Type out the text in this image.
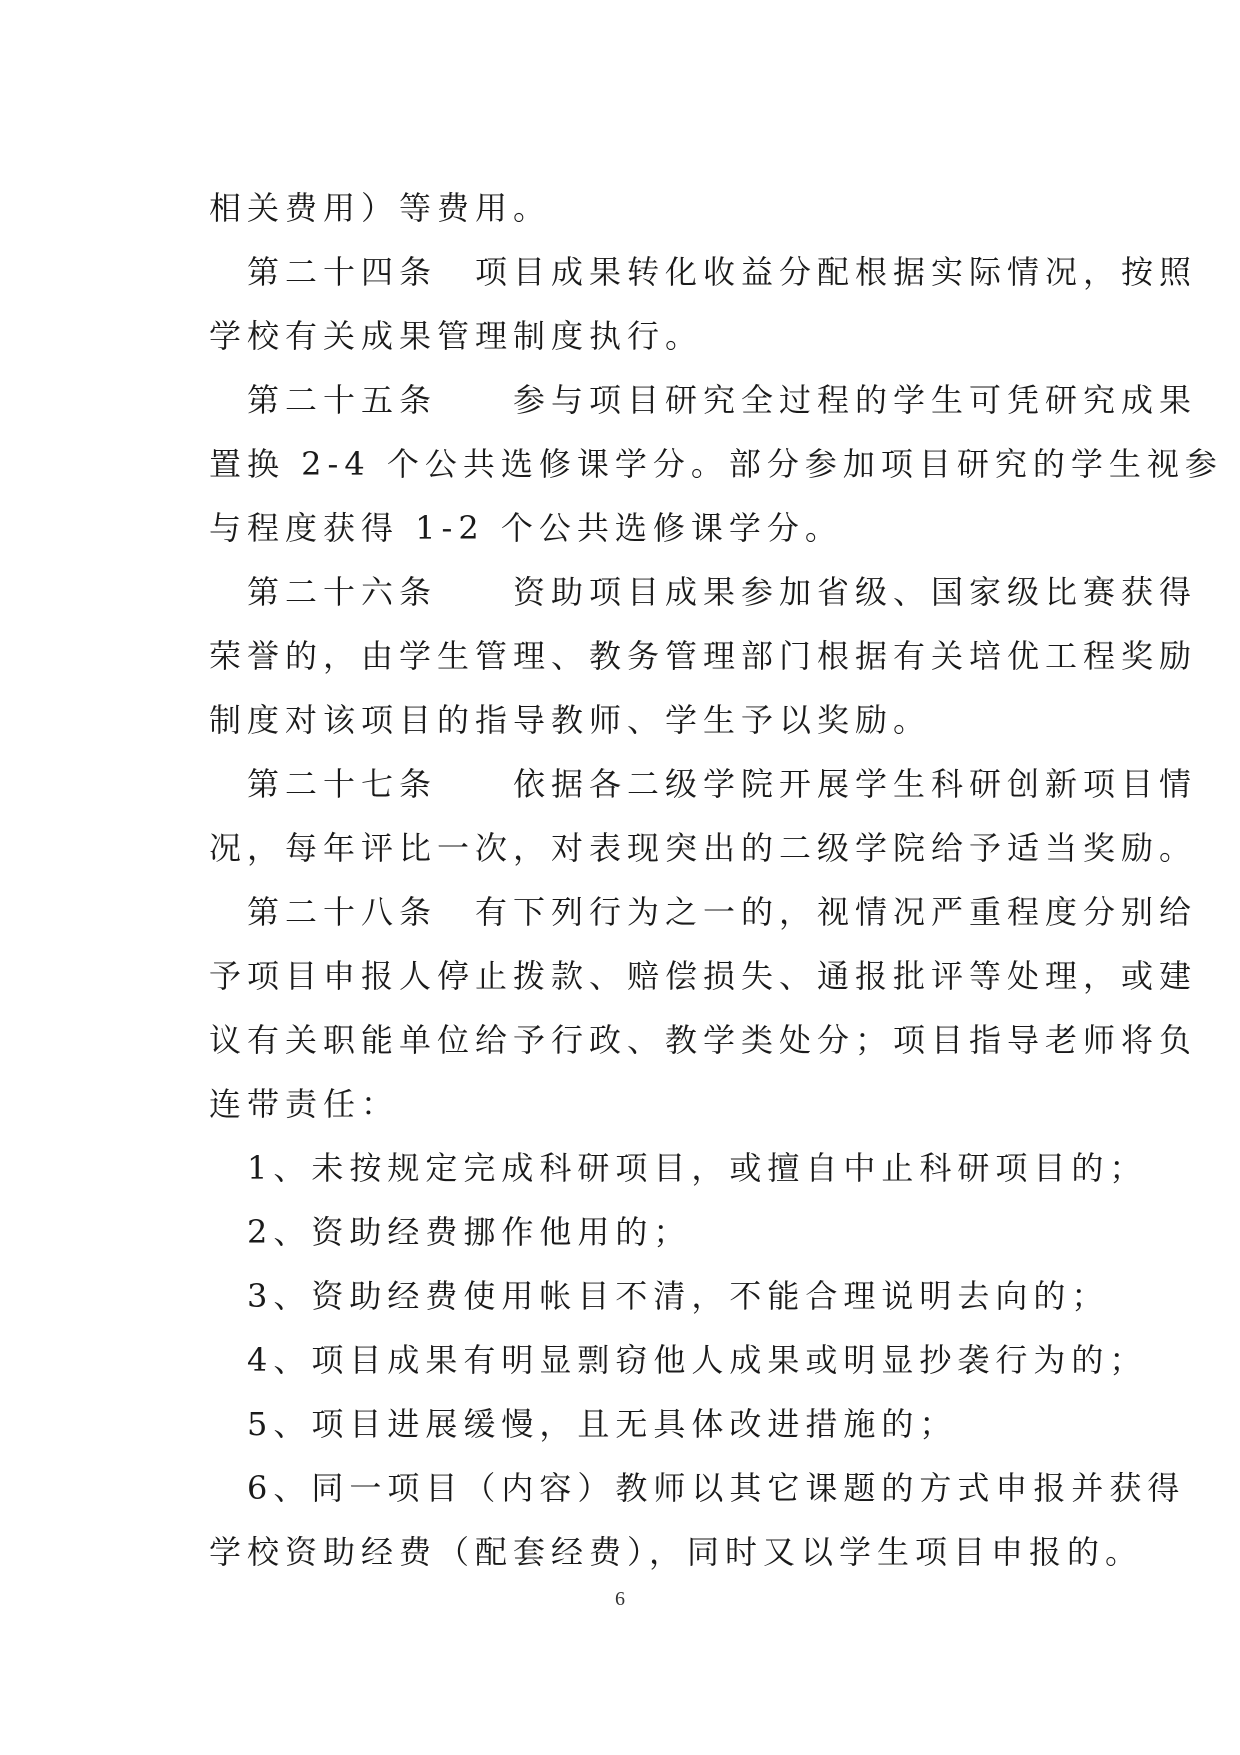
相关费用）等费用。
　第二十四条　项目成果转化收益分配根据实际情况，按照
学校有关成果管理制度执行。
　第二十五条　　参与项目研究全过程的学生可凭研究成果
置换 2-4 个公共选修课学分。部分参加项目研究的学生视参
与程度获得 1-2 个公共选修课学分。
　第二十六条　　资助项目成果参加省级、国家级比赛获得
荣誉的，由学生管理、教务管理部门根据有关培优工程奖励
制度对该项目的指导教师、学生予以奖励。
　第二十七条　　依据各二级学院开展学生科研创新项目情
况，每年评比一次，对表现突出的二级学院给予适当奖励。
　第二十八条　有下列行为之一的，视情况严重程度分别给
予项目申报人停止拨款、赔偿损失、通报批评等处理，或建
议有关职能单位给予行政、教学类处分；项目指导老师将负
连带责任：
　1、未按规定完成科研项目，或擅自中止科研项目的；
　2、资助经费挪作他用的；
　3、资助经费使用帐目不清，不能合理说明去向的；
　4、项目成果有明显剽窃他人成果或明显抄袭行为的；
　5、项目进展缓慢，且无具体改进措施的；
　6、同一项目（内容）教师以其它课题的方式申报并获得
学校资助经费（配套经费），同时又以学生项目申报的。
6
